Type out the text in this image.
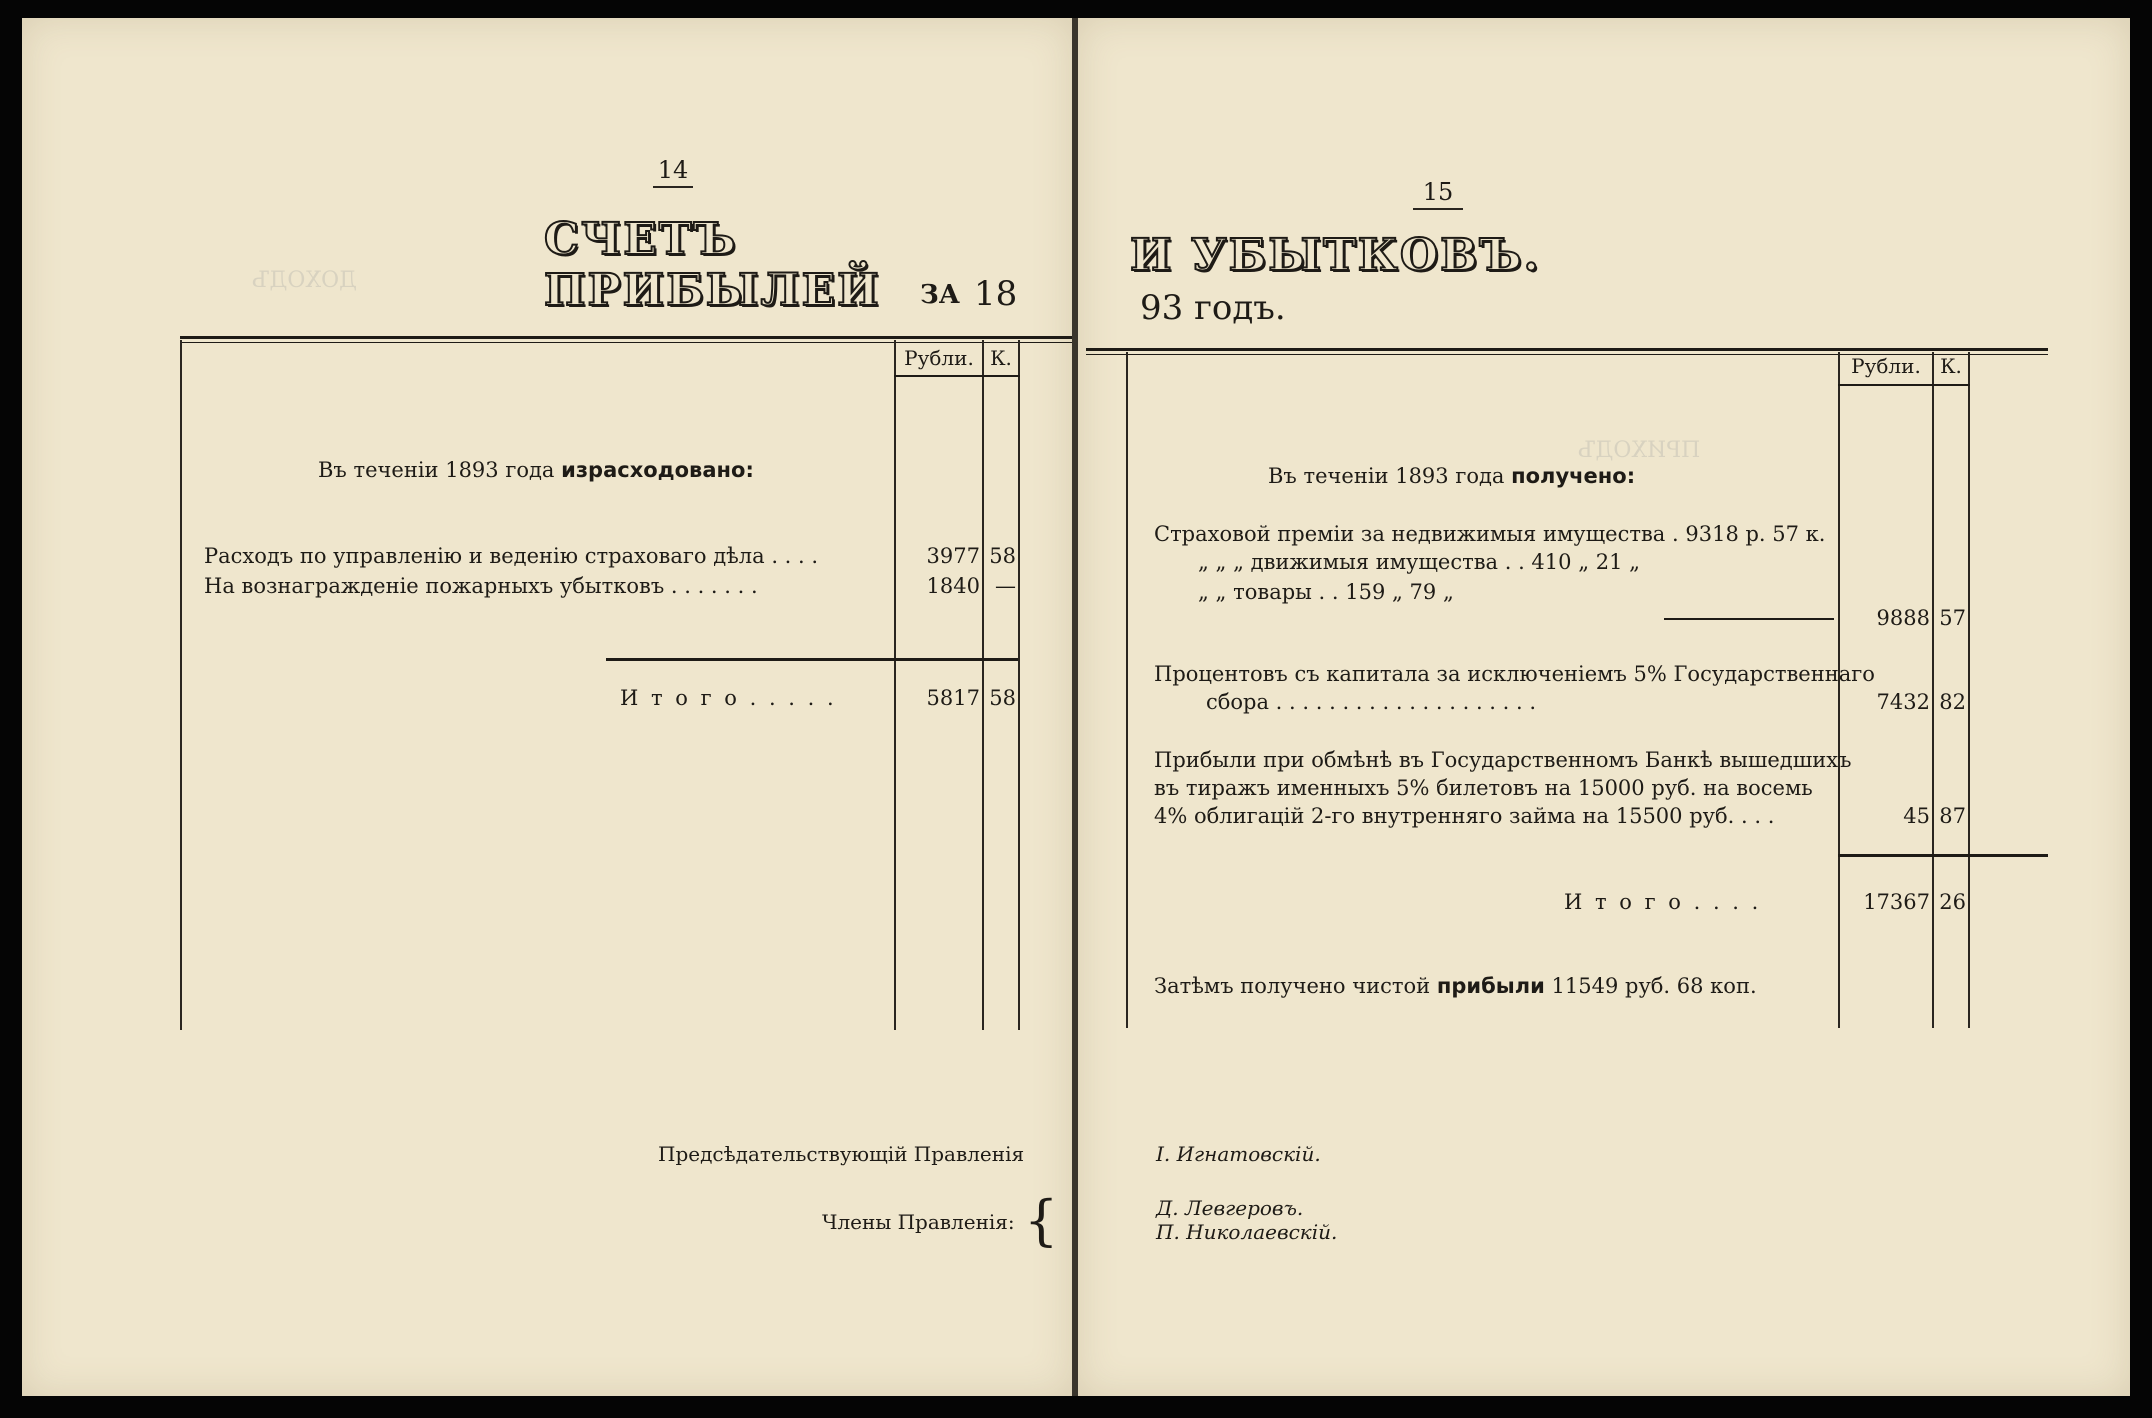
ДОХОДЪ
14
СЧЕТЪ ПРИБЫЛЕЙ	ЗА 18
Рубли. К.
Въ теченіи 1893 года израсходовано:
Расходъ по управленію и веденію страховаго дѣла . . . .	3977 58
На вознагражденіе пожарныхъ убытковъ . . . . . . .	1840 —
И т о г о . . . . .	5817 58
Предсѣдательствующій Правленія
Члены Правленія: {
ПРИХОДЪ
15
И УБЫТКОВЪ.
93 годъ.
Рубли. К.
Въ теченіи 1893 года получено:
Страховой преміи за недвижимыя имущества . 9318 р. 57 к.
„ „ „ движимыя имущества . . 410 „ 21 „
„ „ товары . . 159 „ 79 „
9888 57
Процентовъ съ капитала за исключеніемъ 5% Государственнаго
сбора . . . . . . . . . . . . . . . . . . . .	7432 82
Прибыли при обмѣнѣ въ Государственномъ Банкѣ вышедшихъ
въ тиражъ именныхъ 5% билетовъ на 15000 руб. на восемь
4% облигацій 2-го внутренняго займа на 15500 руб. . . .	45 87
И т о г о . . . .	17367 26
Затѣмъ получено чистой прибыли 11549 руб. 68 коп.
І. Игнатовскій.
Д. Левгеровъ.
П. Николаевскій.
